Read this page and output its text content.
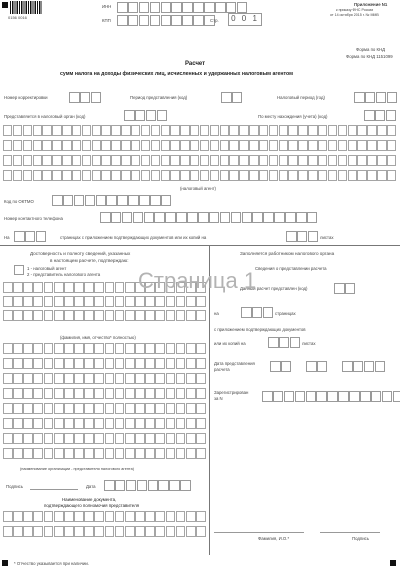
0156 0016
ИНН
КПП	Стр.	0 0 1
Приложение N1
к приказу ФНС России
от 14 октября 2015 г. № ММВ
Форма по КНД
Форма по КНД 1151099
Расчет
сумм налога на доходы физических лиц, исчисленных и удержанных налоговым агентом
Номер корректировки	Период представления (код)	Налоговый период (год)
Представляется в налоговый орган (код)	По месту нахождения (учета) (код)
(налоговый агент)
Код по ОКТМО
Номер контактного телефона
На	страницах с приложением подтверждающих документов или их копий на	листах
Достоверность и полноту сведений, указанных
в настоящем расчете, подтверждаю:
1 - налоговый агент
2 - представитель налогового агента
(фамилия, имя, отчество* полностью)
(наименование организации - представителя налогового агента)
Подпись	Дата
Наименование документа,
подтверждающего полномочия представителя
Заполняется работником налогового органа
Сведения о представлении расчета
Данный расчет представлен (код)
на	страницах
с приложением подтверждающих документов
или их копий на	листах
Дата представления
расчета
Зарегистрирован
за N
Фамилия, И.О.*	Подпись
Страница 1
* Отчество указывается при наличии.
